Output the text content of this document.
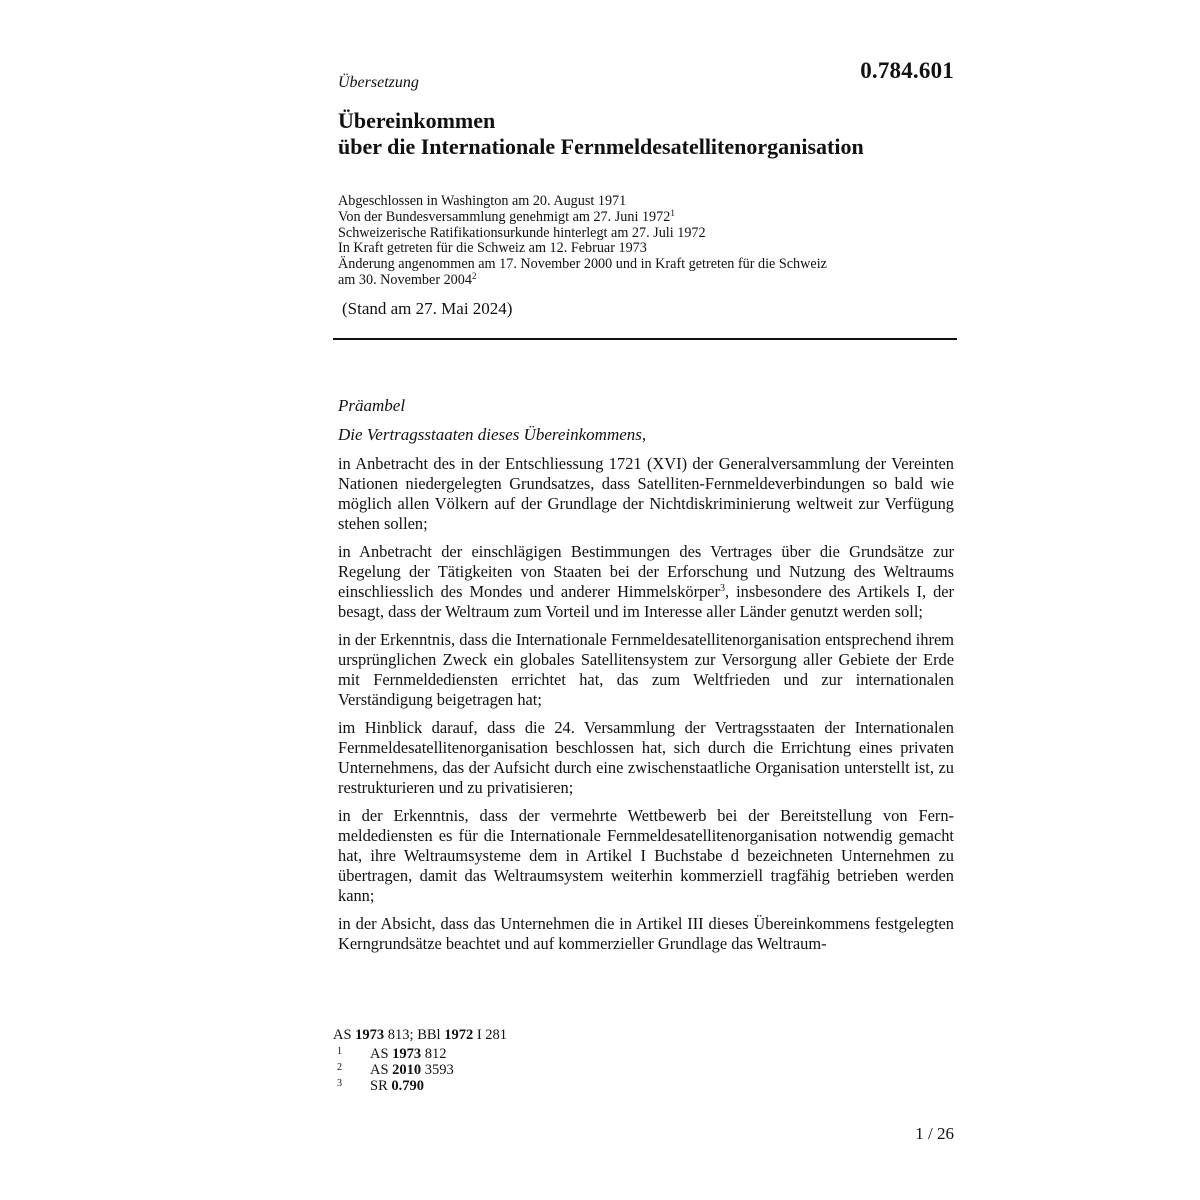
0.784.601
Übersetzung
Übereinkommen
über die Internationale Fernmeldesatellitenorganisation
Abgeschlossen in Washington am 20. August 1971
Von der Bundesversammlung genehmigt am 27. Juni 1972$^1$
Schweizerische Ratifikationsurkunde hinterlegt am 27. Juli 1972
In Kraft getreten für die Schweiz am 12. Februar 1973
Änderung angenommen am 17. November 2000 und in Kraft getreten für die Schweiz
am 30. November 2004$^2$
(Stand am 27. Mai 2024)

Präambel

Die Vertragsstaaten dieses Übereinkommens,

in Anbetracht des in der Entschliessung 1721 (XVI) der Generalversammlung der Vereinten Nationen niedergelegten Grundsatzes, dass Satelliten-Fernmeldeverbindungen so bald wie möglich allen Völkern auf der Grundlage der Nichtdiskriminierung weltweit zur Verfügung stehen sollen;

in Anbetracht der einschlägigen Bestimmungen des Vertrages über die Grundsätze zur Regelung der Tätigkeiten von Staaten bei der Erforschung und Nutzung des Weltraums einschliesslich des Mondes und anderer Himmelskörper$^3$, insbesondere des Artikels I, der besagt, dass der Weltraum zum Vorteil und im Interesse aller Länder genutzt werden soll;

in der Erkenntnis, dass die Internationale Fernmeldesatellitenorganisation entsprechend ihrem ursprünglichen Zweck ein globales Satellitensystem zur Versorgung aller Gebiete der Erde mit Fernmeldediensten errichtet hat, das zum Weltfrieden und zur internationalen Verständigung beigetragen hat;

im Hinblick darauf, dass die 24. Versammlung der Vertragsstaaten der Internationalen Fernmeldesatellitenorganisation beschlossen hat, sich durch die Errichtung eines privaten Unternehmens, das der Aufsicht durch eine zwischenstaatliche Organisation unterstellt ist, zu restrukturieren und zu privatisieren;

in der Erkenntnis, dass der vermehrte Wettbewerb bei der Bereitstellung von Fernmeldediensten es für die Internationale Fernmeldesatellitenorganisation notwendig gemacht hat, ihre Weltraumsysteme dem in Artikel I Buchstabe d bezeichneten Unternehmen zu übertragen, damit das Weltraumsystem weiterhin kommerziell tragfähig betrieben werden kann;

in der Absicht, dass das Unternehmen die in Artikel III dieses Übereinkommens festgelegten Kerngrundsätze beachtet und auf kommerzieller Grundlage das Weltraum-

AS 1973 813; BBl 1972 I 281
1	AS 1973 812
2	AS 2010 3593
3	SR 0.790
1 / 26
